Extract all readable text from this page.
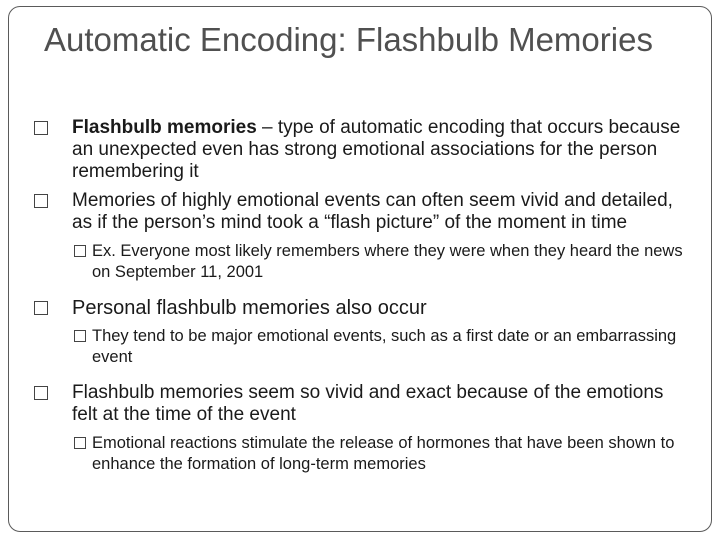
Automatic Encoding: Flashbulb Memories
Flashbulb memories – type of automatic encoding that occurs because an unexpected even has strong emotional associations for the person remembering it
Memories of highly emotional events can often seem vivid and detailed, as if the person’s mind took a “flash picture” of the moment in time
Ex. Everyone most likely remembers where they were when they heard the news on September 11, 2001
Personal flashbulb memories also occur
They tend to be major emotional events, such as a first date or an embarrassing event
Flashbulb memories seem so vivid and exact because of the emotions felt at the time of the event
Emotional reactions stimulate the release of hormones that have been shown to enhance the formation of long-term memories
